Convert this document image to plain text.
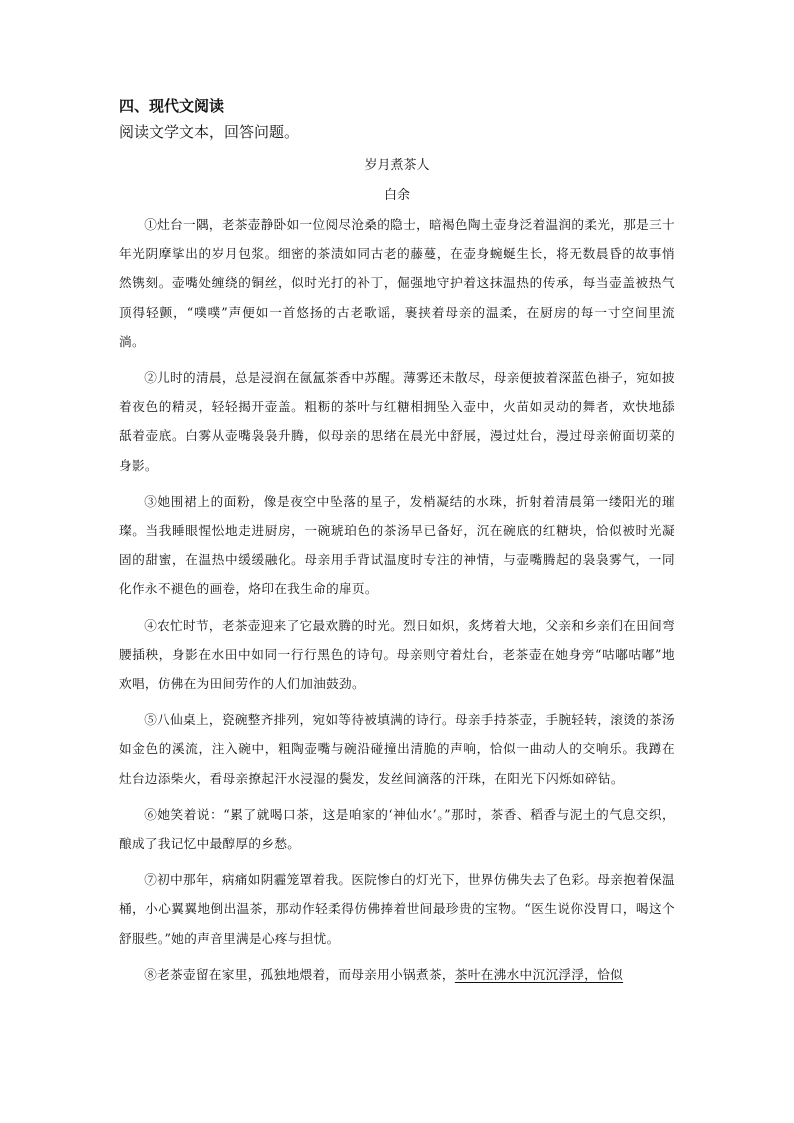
四、现代文阅读

阅读文学文本，回答问题。

岁月煮茶人

白余

①灶台一隅，老茶壶静卧如一位阅尽沧桑的隐士，暗褐色陶土壶身泛着温润的柔光，那是三十年光阴摩挲出的岁月包浆。细密的茶渍如同古老的藤蔓，在壶身蜿蜒生长，将无数晨昏的故事悄然镌刻。壶嘴处缠绕的铜丝，似时光打的补丁，倔强地守护着这抹温热的传承，每当壶盖被热气顶得轻颤，“噗噗”声便如一首悠扬的古老歌谣，裹挟着母亲的温柔，在厨房的每一寸空间里流淌。

②儿时的清晨，总是浸润在氤氲茶香中苏醒。薄雾还未散尽，母亲便披着深蓝色褂子，宛如披着夜色的精灵，轻轻揭开壶盖。粗粝的茶叶与红糖相拥坠入壶中，火苗如灵动的舞者，欢快地舔舐着壶底。白雾从壶嘴袅袅升腾，似母亲的思绪在晨光中舒展，漫过灶台，漫过母亲俯面切菜的身影。

③她围裙上的面粉，像是夜空中坠落的星子，发梢凝结的水珠，折射着清晨第一缕阳光的璀璨。当我睡眼惺忪地走进厨房，一碗琥珀色的茶汤早已备好，沉在碗底的红糖块，恰似被时光凝固的甜蜜，在温热中缓缓融化。母亲用手背试温度时专注的神情，与壶嘴腾起的袅袅雾气，一同化作永不褪色的画卷，烙印在我生命的扉页。

④农忙时节，老茶壶迎来了它最欢腾的时光。烈日如炽，炙烤着大地，父亲和乡亲们在田间弯腰插秧，身影在水田中如同一行行黑色的诗句。母亲则守着灶台，老茶壶在她身旁“咕嘟咕嘟”地欢唱，仿佛在为田间劳作的人们加油鼓劲。

⑤八仙桌上，瓷碗整齐排列，宛如等待被填满的诗行。母亲手持茶壶，手腕轻转，滚烫的茶汤如金色的溪流，注入碗中，粗陶壶嘴与碗沿碰撞出清脆的声响，恰似一曲动人的交响乐。我蹲在灶台边添柴火，看母亲撩起汗水浸湿的鬓发，发丝间滴落的汗珠，在阳光下闪烁如碎钻。

⑥她笑着说：“累了就喝口茶，这是咱家的‘神仙水’。”那时，茶香、稻香与泥土的气息交织，酿成了我记忆中最醇厚的乡愁。

⑦初中那年，病痛如阴霾笼罩着我。医院惨白的灯光下，世界仿佛失去了色彩。母亲抱着保温桶，小心翼翼地倒出温茶，那动作轻柔得仿佛捧着世间最珍贵的宝物。“医生说你没胃口，喝这个舒服些。”她的声音里满是心疼与担忧。

⑧老茶壶留在家里，孤独地煨着，而母亲用小锅煮茶，茶叶在沸水中沉沉浮浮，恰似
